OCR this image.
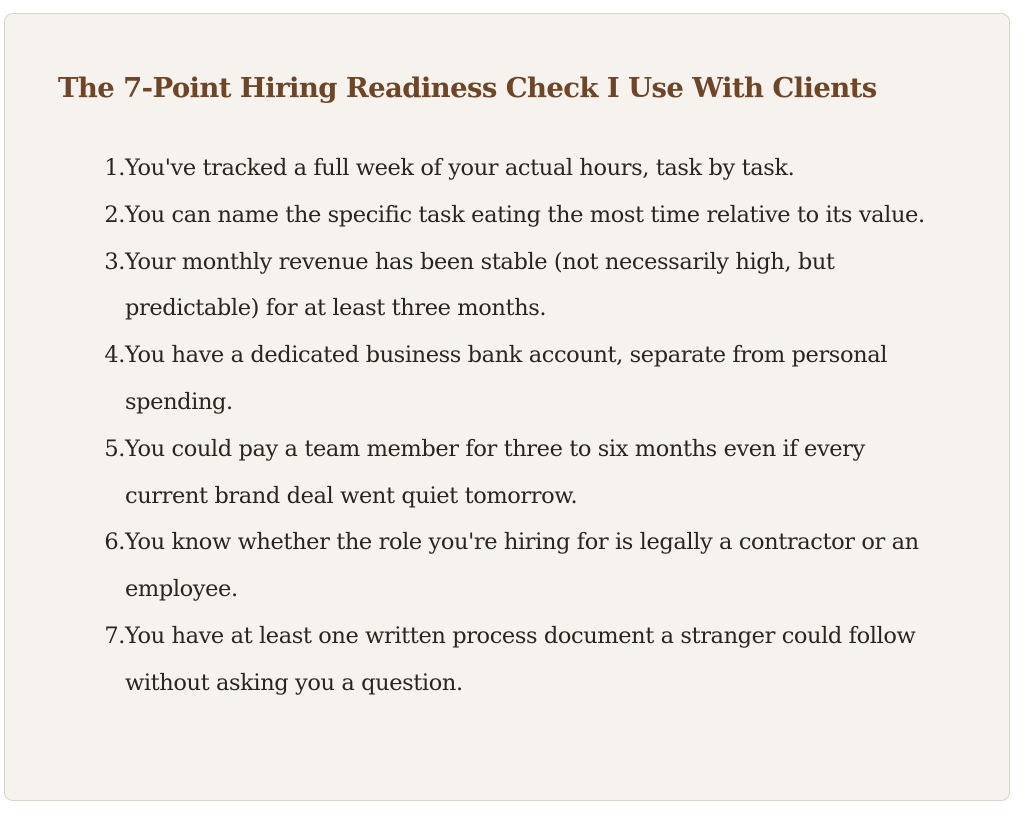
The 7-Point Hiring Readiness Check I Use With Clients
1. You've tracked a full week of your actual hours, task by task.
2. You can name the specific task eating the most time relative to its value.
3. Your monthly revenue has been stable (not necessarily high, but predictable) for at least three months.
4. You have a dedicated business bank account, separate from personal spending.
5. You could pay a team member for three to six months even if every current brand deal went quiet tomorrow.
6. You know whether the role you're hiring for is legally a contractor or an employee.
7. You have at least one written process document a stranger could follow without asking you a question.
